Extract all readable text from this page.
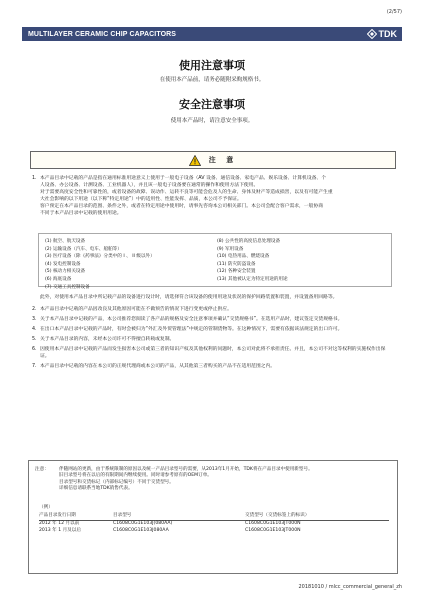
(2/57)
MULTILAYER CERAMIC CHIP CAPACITORS	TDK
使用注意事项
在使用本产品前，请务必随附采购规格书。
安全注意事项
使用本产品时，请注意安全事项。
注 意
1. 本产品目录中记载的产品是指在通用标准用途意义上使用于一般电子设备（AV 设备、通信设备、家电产品、娱乐设备、计算机设备、个
人设备、办公设备、计测设备、工业机器人），并且该一般电子设备要在通常的操作和使用方法下使用。
对于需要高度安全性和可靠性的，或者设备的故障、误动作、运转不良等可能会危及人的生命、身体及财产等造成损害，以及有可能产生重
大社会影响的以下用途（以下称“特定用途”）中的适用性、性能发挥、品质，本公司不予保证。
客户预定在本产品目录的范围、条件之外，或者在特定用途中使用时，请事先咨询本公司相关部门。本公司会配合客户需求，一般协商
不同于本产品目录中记载的使用用途。
(1) 航空、航天设备
(2) 运输设备（汽车、电车、船舶等）
(3) 医疗设备（除《药事法》分类中的 I 、 II 级以外）
(4) 发电控制设备
(5) 核动力相关设备
(6) 海底设备
(7) 交通工具控制设备
(8) 公共性的高度信息处理设备
(9) 军用设备
(10) 电热用品、燃烧设备
(11) 防灾防盗设备
(12) 各种安全装置
(13) 其他被认定为特定用途的用途
此外，对使用本产品目录中所记载产品的设备进行设计时，请选择符合该设备的使用用途及状况的保护回路装置和装置，并设置备用回路等。
2. 本产品目录中记载的产品因改良及其他原因可能在不做预告的情况下进行变更或停止供应。
3. 关于本产品目录中记载的产品，本公司推荐您阅读了各产品的规格及安全注意事项并确认“交货规格书”。在选用产品时，建议签定交货规格书。
4. 在出口本产品目录中记载的产品时，有时会被归为“外汇及外贸管理法”中规定的管制货物等。在这种情况下，需要有依据该法规定的出口许可。
5. 关于本产品目录的内容，未经本公司许可不得擅自转载或复制。
6. 因使用本产品目录中记载的产品而发生损害本公司或第三者的知识产权及其他权利的问题时，本公司对此将不承担责任。并且，本公司不对这等权利的实施权作出保证。
7. 本产品目录中记载的内容在本公司的正规代理商或本公司的产品，从其他第三者购买的产品不在适用范围之内。
注意：	伴随网站的更新，由于系统限制的原因以及统一产品目录型号的需要，从2013年1月开始，TDK将在产品目录中使用新型号。
旧目录型号将在以后的有限期间内继续使用。同时请参考原有的OEM订单。
目录型号和交货标记（内部标记编号）不同于交货型号。
详细信息请联系当地TDK销售代表。
（例）
产品目录发行日期	目录型号	交货型号（交货标签上的标识）
2012 年 12 月以前	C1608C0G1E103J(080AA)	C1608C0G1E103JT000N
2013 年 1 月及以后	C1608C0G1E103J080AA	C1608C0G1E103JT000N
20181010 / mlcc_commercial_general_zh
